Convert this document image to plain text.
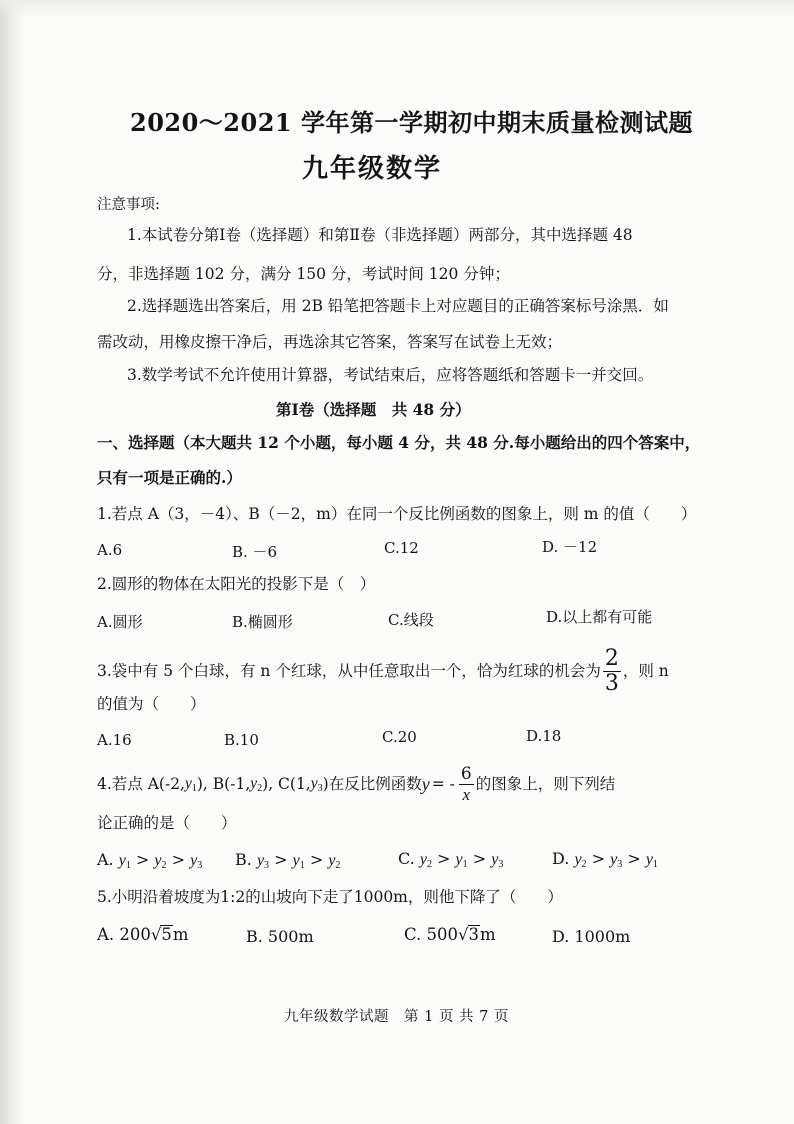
2020～2021 学年第一学期初中期末质量检测试题
九年级数学
注意事项:
1.本试卷分第Ⅰ卷（选择题）和第Ⅱ卷（非选择题）两部分，其中选择题 48
分，非选择题 102 分，满分 150 分，考试时间 120 分钟；
2.选择题选出答案后，用 2B 铅笔把答题卡上对应题目的正确答案标号涂黑．如
需改动，用橡皮擦干净后，再选涂其它答案，答案写在试卷上无效；
3.数学考试不允许使用计算器，考试结束后，应将答题纸和答题卡一并交回。
第Ⅰ卷（选择题　共 48 分）
一、选择题（本大题共 12 个小题，每小题 4 分，共 48 分.每小题给出的四个答案中，
只有一项是正确的.）
1.若点 A（3，－4）、B（－2，m）在同一个反比例函数的图象上，则 m 的值（　　）
A.6	B. －6	C.12	D. －12
2.圆形的物体在太阳光的投影下是（　）
A.圆形	B.椭圆形	C.线段	D.以上都有可能
3.袋中有 5 个白球，有 n 个红球，从中任意取出一个，恰为红球的机会为 $\frac{2}{3}$ ，则 n
的值为（　　）
A.16	B.10	C.20	D.18
4.若点 A(-2, $y_1$ ), B(-1, $y_2$ ), C(1, $y_3$ )在反比例函数 y = - $\frac{6}{x}$ 的图象上，则下列结
论正确的是（　　）
A. $y_1 > y_2 > y_3$ B. $y_3 > y_1 > y_2$	C. $y_2 > y_1 > y_3$	D. $y_2 > y_3 > y_1$
5.小明沿着坡度为1:2的山坡向下走了1000m，则他下降了（　　）
A. 200√5m	B. 500m	C. 500√3m	D. 1000m
九年级数学试题　第 1 页 共 7 页
